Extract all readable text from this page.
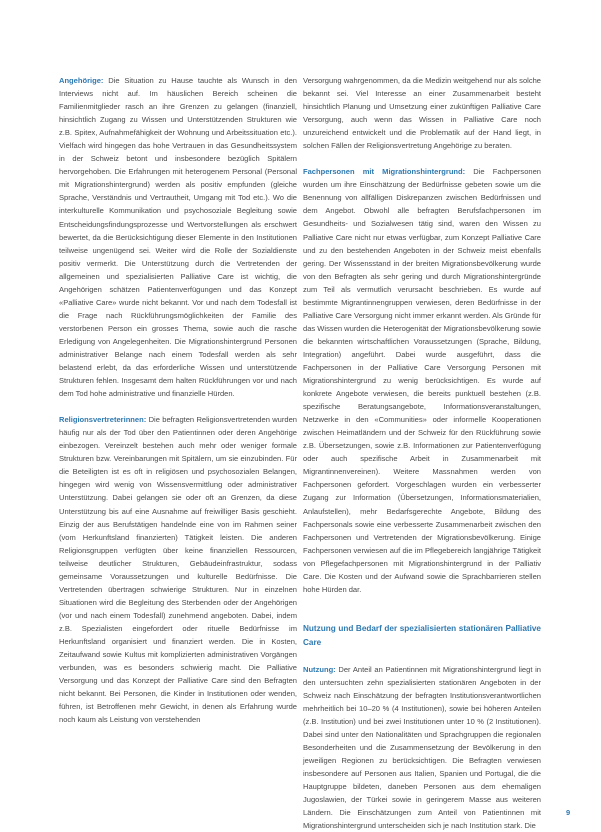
Angehörige: Die Situation zu Hause tauchte als Wunsch in den Interviews nicht auf. Im häuslichen Bereich scheinen die Familienmitglieder rasch an ihre Grenzen zu gelangen (finanziell, hinsichtlich Zugang zu Wissen und Unterstützenden Strukturen wie z.B. Spitex, Aufnahmefähigkeit der Wohnung und Arbeitssituation etc.). Vielfach wird hingegen das hohe Vertrauen in das Gesundheitssystem in der Schweiz betont und insbesondere bezüglich Spitälern hervorgehoben. Die Erfahrungen mit heterogenem Personal (Personal mit Migrationshintergrund) werden als positiv empfunden (gleiche Sprache, Verständnis und Vertrautheit, Umgang mit Tod etc.). Wo die interkulturelle Kommunikation und psychosoziale Begleitung sowie Entscheidungsfindungsprozesse und Wertvorstellungen als erschwert bewertet, da die Berücksichtigung dieser Elemente in den Institutionen teilweise ungenügend sei. Weiter wird die Rolle der Sozialdienste positiv vermerkt. Die Unterstützung durch die Vertretenden der allgemeinen und spezialisierten Palliative Care ist wichtig, die Angehörigen schätzen Patientenverfügungen und das Konzept «Palliative Care» wurde nicht bekannt. Vor und nach dem Todesfall ist die Frage nach Rückführungsmöglichkeiten der Familie des verstorbenen Person ein grosses Thema, sowie auch die rasche Erledigung von Angelegenheiten. Die Migrationshintergrund Personen administrativer Belange nach einem Todesfall werden als sehr belastend erlebt, da das erforderliche Wissen und unterstützende Strukturen fehlen. Insgesamt dem halten Rückführungen vor und nach dem Tod hohe administrative und finanzielle Hürden.

Religionsvertreterinnen: Die befragten Religionsvertretenden wurden häufig nur als der Tod über den Patientinnen oder deren Angehörige einbezogen. Vereinzelt bestehen auch mehr oder weniger formale Strukturen bzw. Vereinbarungen mit Spitälern, um sie einzubinden. Für die Beteiligten ist es oft in religiösen und psychosozialen Belangen, hingegen wird wenig von Wissensvermittlung oder administrativer Unterstützung. Dabei gelangen sie oder oft an Grenzen, da diese Unterstützung bis auf eine Ausnahme auf freiwilliger Basis geschieht. Einzig der aus Berufstätigen handelnde eine von im Rahmen seiner (vom Herkunftsland finanzierten) Tätigkeit leisten. Die anderen Religionsgruppen verfügten über keine finanziellen Ressourcen, teilweise deutlicher Strukturen, Gebäudeinfrastruktur, sodass gemeinsame Voraussetzungen und kulturelle Bedürfnisse. Die Vertretenden übertragen schwierige Strukturen. Nur in einzelnen Situationen wird die Begleitung des Sterbenden oder der Angehörigen (vor und nach einem Todesfall) zunehmend angeboten. Dabei, indem z.B. Spezialisten eingefordert oder rituelle Bedürfnisse im Herkunftsland organisiert und finanziert werden. Die in Kosten, Zeitaufwand sowie Kultus mit komplizierten administrativen Vorgängen verbunden, was es besonders schwierig macht. Die Palliative Versorgung und das Konzept der Palliative Care sind den Befragten nicht bekannt. Bei Personen, die Kinder in Institutionen oder wenden, führen, ist Betroffenen mehr Gewicht, in denen als Erfahrung wurde noch kaum als Leistung von verstehenden

Versorgung wahrgenommen, da die Medizin weitgehend nur als solche bekannt sei. Viel Interesse an einer Zusammenarbeit besteht hinsichtlich Planung und Umsetzung einer zukünftigen Palliative Care Versorgung, auch wenn das Wissen in Palliative Care noch unzureichend entwickelt und die Problematik auf der Hand liegt, in solchen Fällen der Religionsvertretung Angehörige zu beraten.

Fachpersonen mit Migrationshintergrund: Die Fachpersonen wurden um ihre Einschätzung der Bedürfnisse gebeten sowie um die Benennung von allfälligen Diskrepanzen zwischen Bedürfnissen und dem Angebot. Obwohl alle befragten Berufsfachpersonen im Gesundheits- und Sozialwesen tätig sind, waren den Wissen zu Palliative Care nicht nur etwas verfügbar, zum Konzept Palliative Care und zu den bestehenden Angeboten in der Schweiz meist ebenfalls gering. Der Wissensstand in der breiten Migrationsbevölkerung wurde von den Befragten als sehr gering und durch Migrationshintergründe zum Teil als vermutlich verursacht beschrieben. Es wurde auf bestimmte Migrantinnengruppen verwiesen, deren Bedürfnisse in der Palliative Care Versorgung nicht immer erkannt werden. Als Gründe für das Wissen wurden die Heterogenität der Migrationsbevölkerung sowie die bekannten wirtschaftlichen Voraussetzungen (Sprache, Bildung, Integration) angeführt. Dabei wurde ausgeführt, dass die Fachpersonen in der Palliative Care Versorgung Personen mit Migrationshintergrund zu wenig berücksichtigen. Es wurde auf konkrete Angebote verwiesen, die bereits punktuell bestehen (z.B. spezifische Beratungsangebote, Informationsveranstaltungen, Netzwerke in den «Communities» oder informelle Kooperationen zwischen Heimatländern und der Schweiz für den Rückführung sowie z.B. Übersetzungen, sowie z.B. Informationen zur Patientenverfügung oder auch spezifische Arbeit in Zusammenarbeit mit Migrantinnenvereinen). Weitere Massnahmen werden von Fachpersonen gefordert. Vorgeschlagen wurden ein verbesserter Zugang zur Information (Übersetzungen, Informationsmaterialien, Anlaufstellen), mehr Bedarfsgerechte Angebote, Bildung des Fachpersonals sowie eine verbesserte Zusammenarbeit zwischen den Fachpersonen und Vertretenden der Migrationsbevölkerung. Einige Fachpersonen verwiesen auf die im Pflegebereich langjährige Tätigkeit von Pflegefachpersonen mit Migrationshintergrund in der Palliativ Care. Die Kosten und der Aufwand sowie die Sprachbarrieren stellen hohe Hürden dar.

Nutzung und Bedarf der spezialisierten stationären Palliative Care

Nutzung: Der Anteil an Patientinnen mit Migrationshintergrund liegt in den untersuchten zehn spezialisierten stationären Angeboten in der Schweiz nach Einschätzung der befragten Institutionsverantwortlichen mehrheitlich bei 10–20 % (4 Institutionen), sowie bei höheren Anteilen (z.B. Institution) und bei zwei Institutionen unter 10 % (2 Institutionen). Dabei sind unter den Nationalitäten und Sprachgruppen die regionalen Besonderheiten und die Zusammensetzung der Bevölkerung in den jeweiligen Regionen zu berücksichtigen. Die Befragten verwiesen insbesondere auf Personen aus Italien, Spanien und Portugal, die die Hauptgruppe bildeten, daneben Personen aus dem ehemaligen Jugoslawien, der Türkei sowie in geringerem Masse aus weiteren Ländern. Die Einschätzungen zum Anteil von Patientinnen mit Migrationshintergrund unterscheiden sich je nach Institution stark. Die

9
